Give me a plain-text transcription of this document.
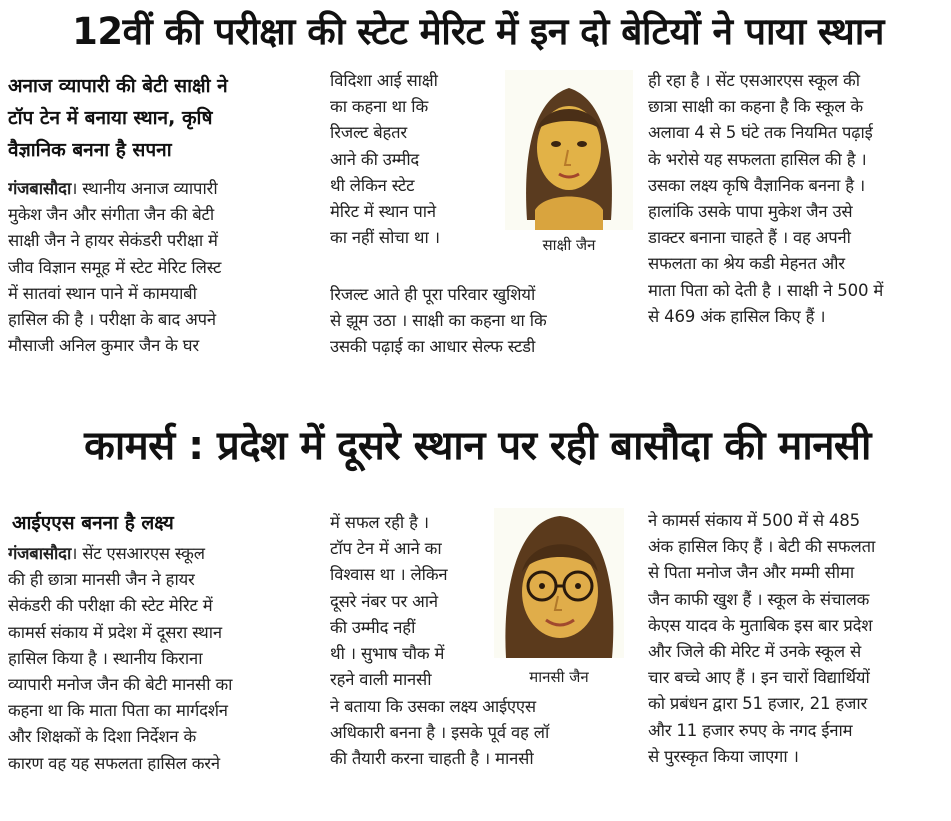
12वीं की परीक्षा की स्टेट मेरिट में इन दो बेटियों ने पाया स्थान
अनाज व्यापारी की बेटी साक्षी ने
टॉप टेन में बनाया स्थान, कृषि
वैज्ञानिक बनना है सपना
गंजबासौदा। स्थानीय अनाज व्यापारी
मुकेश जैन और संगीता जैन की बेटी
साक्षी जैन ने हायर सेकंडरी परीक्षा में
जीव विज्ञान समूह में स्टेट मेरिट लिस्ट
में सातवां स्थान पाने में कामयाबी
हासिल की है । परीक्षा के बाद अपने
मौसाजी अनिल कुमार जैन के घर
विदिशा आई साक्षी
का कहना था कि
रिजल्ट बेहतर
आने की उम्मीद
थी लेकिन स्टेट
मेरिट में स्थान पाने
का नहीं सोचा था ।	साक्षी जैन
रिजल्ट आते ही पूरा परिवार खुशियों
से झूम उठा । साक्षी का कहना था कि
उसकी पढ़ाई का आधार सेल्फ स्टडी
ही रहा है । सेंट एसआरएस स्कूल की
छात्रा साक्षी का कहना है कि स्कूल के
अलावा 4 से 5 घंटे तक नियमित पढ़ाई
के भरोसे यह सफलता हासिल की है ।
उसका लक्ष्य कृषि वैज्ञानिक बनना है ।
हालांकि उसके पापा मुकेश जैन उसे
डाक्टर बनाना चाहते हैं । वह अपनी
सफलता का श्रेय कडी मेहनत और
माता पिता को देती है । साक्षी ने 500 में
से 469 अंक हासिल किए हैं ।
कामर्स : प्रदेश में दूसरे स्थान पर रही बासौदा की मानसी
आईएएस बनना है लक्ष्य
गंजबासौदा। सेंट एसआरएस स्कूल
की ही छात्रा मानसी जैन ने हायर
सेकंडरी की परीक्षा की स्टेट मेरिट में
कामर्स संकाय में प्रदेश में दूसरा स्थान
हासिल किया है । स्थानीय किराना
व्यापारी मनोज जैन की बेटी मानसी का
कहना था कि माता पिता का मार्गदर्शन
और शिक्षकों के दिशा निर्देशन के
कारण वह यह सफलता हासिल करने
में सफल रही है ।
टॉप टेन में आने का
विश्वास था । लेकिन
दूसरे नंबर पर आने
की उम्मीद नहीं
थी । सुभाष चौक में
रहने वाली मानसी	मानसी जैन
ने बताया कि उसका लक्ष्य आईएएस
अधिकारी बनना है । इसके पूर्व वह लॉ
की तैयारी करना चाहती है । मानसी
ने कामर्स संकाय में 500 में से 485
अंक हासिल किए हैं । बेटी की सफलता
से पिता मनोज जैन और मम्मी सीमा
जैन काफी खुश हैं । स्कूल के संचालक
केएस यादव के मुताबिक इस बार प्रदेश
और जिले की मेरिट में उनके स्कूल से
चार बच्चे आए हैं । इन चारों विद्यार्थियों
को प्रबंधन द्वारा 51 हजार, 21 हजार
और 11 हजार रुपए के नगद ईनाम
से पुरस्कृत किया जाएगा ।
